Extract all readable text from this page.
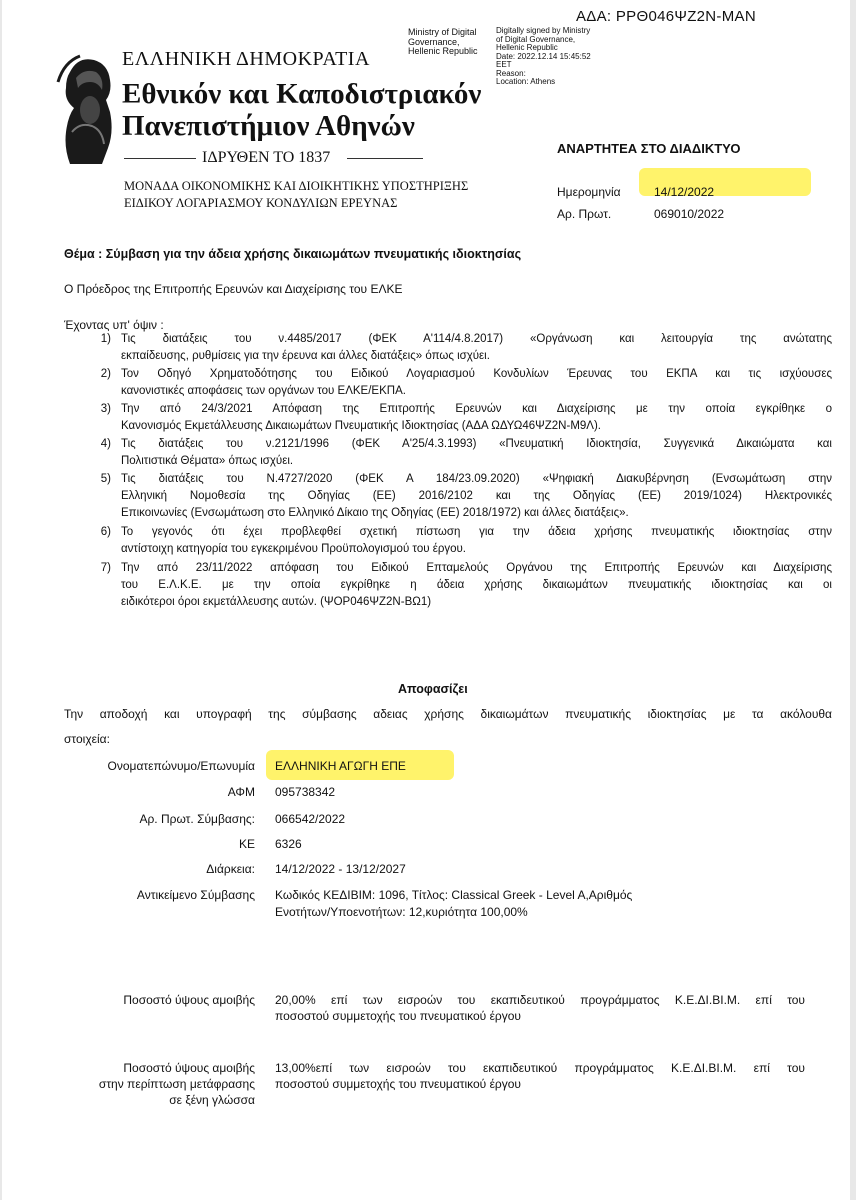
ΑΔΑ: ΡΡΘ046ΨΖ2Ν-ΜΑΝ
Ministry of Digital
Governance,
Hellenic Republic
Digitally signed by Ministry
of Digital Governance,
Hellenic Republic
Date: 2022.12.14 15:45:52
EET
Reason:
Location: Athens
ΕΛΛΗΝΙΚΗ ΔΗΜΟΚΡΑΤΙΑ
Εθνικόν και Καποδιστριακόν
Πανεπιστήμιον Αθηνών
ΙΔΡΥΘΕΝ ΤΟ 1837
ΜΟΝΑΔΑ ΟΙΚΟΝΟΜΙΚΗΣ ΚΑΙ ΔΙΟΙΚΗΤΙΚΗΣ ΥΠΟΣΤΗΡΙΞΗΣ
ΕΙΔΙΚΟΥ ΛΟΓΑΡΙΑΣΜΟΥ ΚΟΝΔΥΛΙΩΝ ΕΡΕΥΝΑΣ
ΑΝΑΡΤΗΤΕΑ ΣΤΟ ΔΙΑΔΙΚΤΥΟ
Ημερομηνία	14/12/2022
Αρ. Πρωτ.	069010/2022
Θέμα : Σύμβαση για την άδεια χρήσης δικαιωμάτων πνευματικής ιδιοκτησίας
Ο Πρόεδρος της Επιτροπής Ερευνών και Διαχείρισης του ΕΛΚΕ
Έχοντας υπ' όψιν :
1) Τις διατάξεις του ν.4485/2017 (ΦΕΚ Α'114/4.8.2017) «Οργάνωση και λειτουργία της ανώτατης
εκπαίδευσης, ρυθμίσεις για την έρευνα και άλλες διατάξεις» όπως ισχύει.
2) Τον Οδηγό Χρηματοδότησης του Ειδικού Λογαριασμού Κονδυλίων Έρευνας του ΕΚΠΑ και τις ισχύουσες
κανονιστικές αποφάσεις των οργάνων του ΕΛΚΕ/ΕΚΠΑ.
3) Την από 24/3/2021 Απόφαση της Επιτροπής Ερευνών και Διαχείρισης με την οποία εγκρίθηκε ο
Κανονισμός Εκμετάλλευσης Δικαιωμάτων Πνευματικής Ιδιοκτησίας (ΑΔΑ ΩΔΥΩ46ΨΖ2Ν-Μ9Λ).
4) Τις διατάξεις του ν.2121/1996 (ΦΕΚ Α'25/4.3.1993) «Πνευματική Ιδιοκτησία, Συγγενικά Δικαιώματα και
Πολιτιστικά Θέματα» όπως ισχύει.
5) Τις διατάξεις του Ν.4727/2020 (ΦΕΚ Α 184/23.09.2020) «Ψηφιακή Διακυβέρνηση (Ενσωμάτωση στην
Ελληνική Νομοθεσία της Οδηγίας (ΕΕ) 2016/2102 και της Οδηγίας (ΕΕ) 2019/1024) Ηλεκτρονικές
Επικοινωνίες (Ενσωμάτωση στο Ελληνικό Δίκαιο της Οδηγίας (ΕΕ) 2018/1972) και άλλες διατάξεις».
6) Το γεγονός ότι έχει προβλεφθεί σχετική πίστωση για την άδεια χρήσης πνευματικής ιδιοκτησίας στην
αντίστοιχη κατηγορία του εγκεκριμένου Προϋπολογισμού του έργου.
7) Την από 23/11/2022 απόφαση του Ειδικού Επταμελούς Οργάνου της Επιτροπής Ερευνών και Διαχείρισης
του Ε.Λ.Κ.Ε. με την οποία εγκρίθηκε η άδεια χρήσης δικαιωμάτων πνευματικής ιδιοκτησίας και οι
ειδικότεροι όροι εκμετάλλευσης αυτών. (ΨΟΡ046ΨΖ2Ν-ΒΩ1)
Αποφασίζει
Την αποδοχή και υπογραφή της σύμβασης αδειας χρήσης δικαιωμάτων πνευματικής ιδιοκτησίας με τα ακόλουθα
στοιχεία:
Ονοματεπώνυμο/Επωνυμία ΕΛΛΗΝΙΚΗ ΑΓΩΓΗ ΕΠΕ
ΑΦΜ 095738342
Αρ. Πρωτ. Σύμβασης: 066542/2022
ΚΕ 6326
Διάρκεια: 14/12/2022 - 13/12/2027
Αντικείμενο Σύμβασης Κωδικός ΚΕΔΙΒΙΜ: 1096, Τίτλος: Classical Greek - Level A,Αριθμός
Ενοτήτων/Υποενοτήτων: 12,κυριότητα 100,00%
Ποσοστό ύψους αμοιβής 20,00% επί των εισροών του εκαπιδευτικού προγράμματος Κ.Ε.ΔΙ.ΒΙ.Μ. επί του
ποσοστού συμμετοχής του πνευματικού έργου
Ποσοστό ύψους αμοιβής
στην περίπτωση μετάφρασης
σε ξένη γλώσσα
13,00%επί των εισροών του εκαπιδευτικού προγράμματος Κ.Ε.ΔΙ.ΒΙ.Μ. επί του
ποσοστού συμμετοχής του πνευματικού έργου
